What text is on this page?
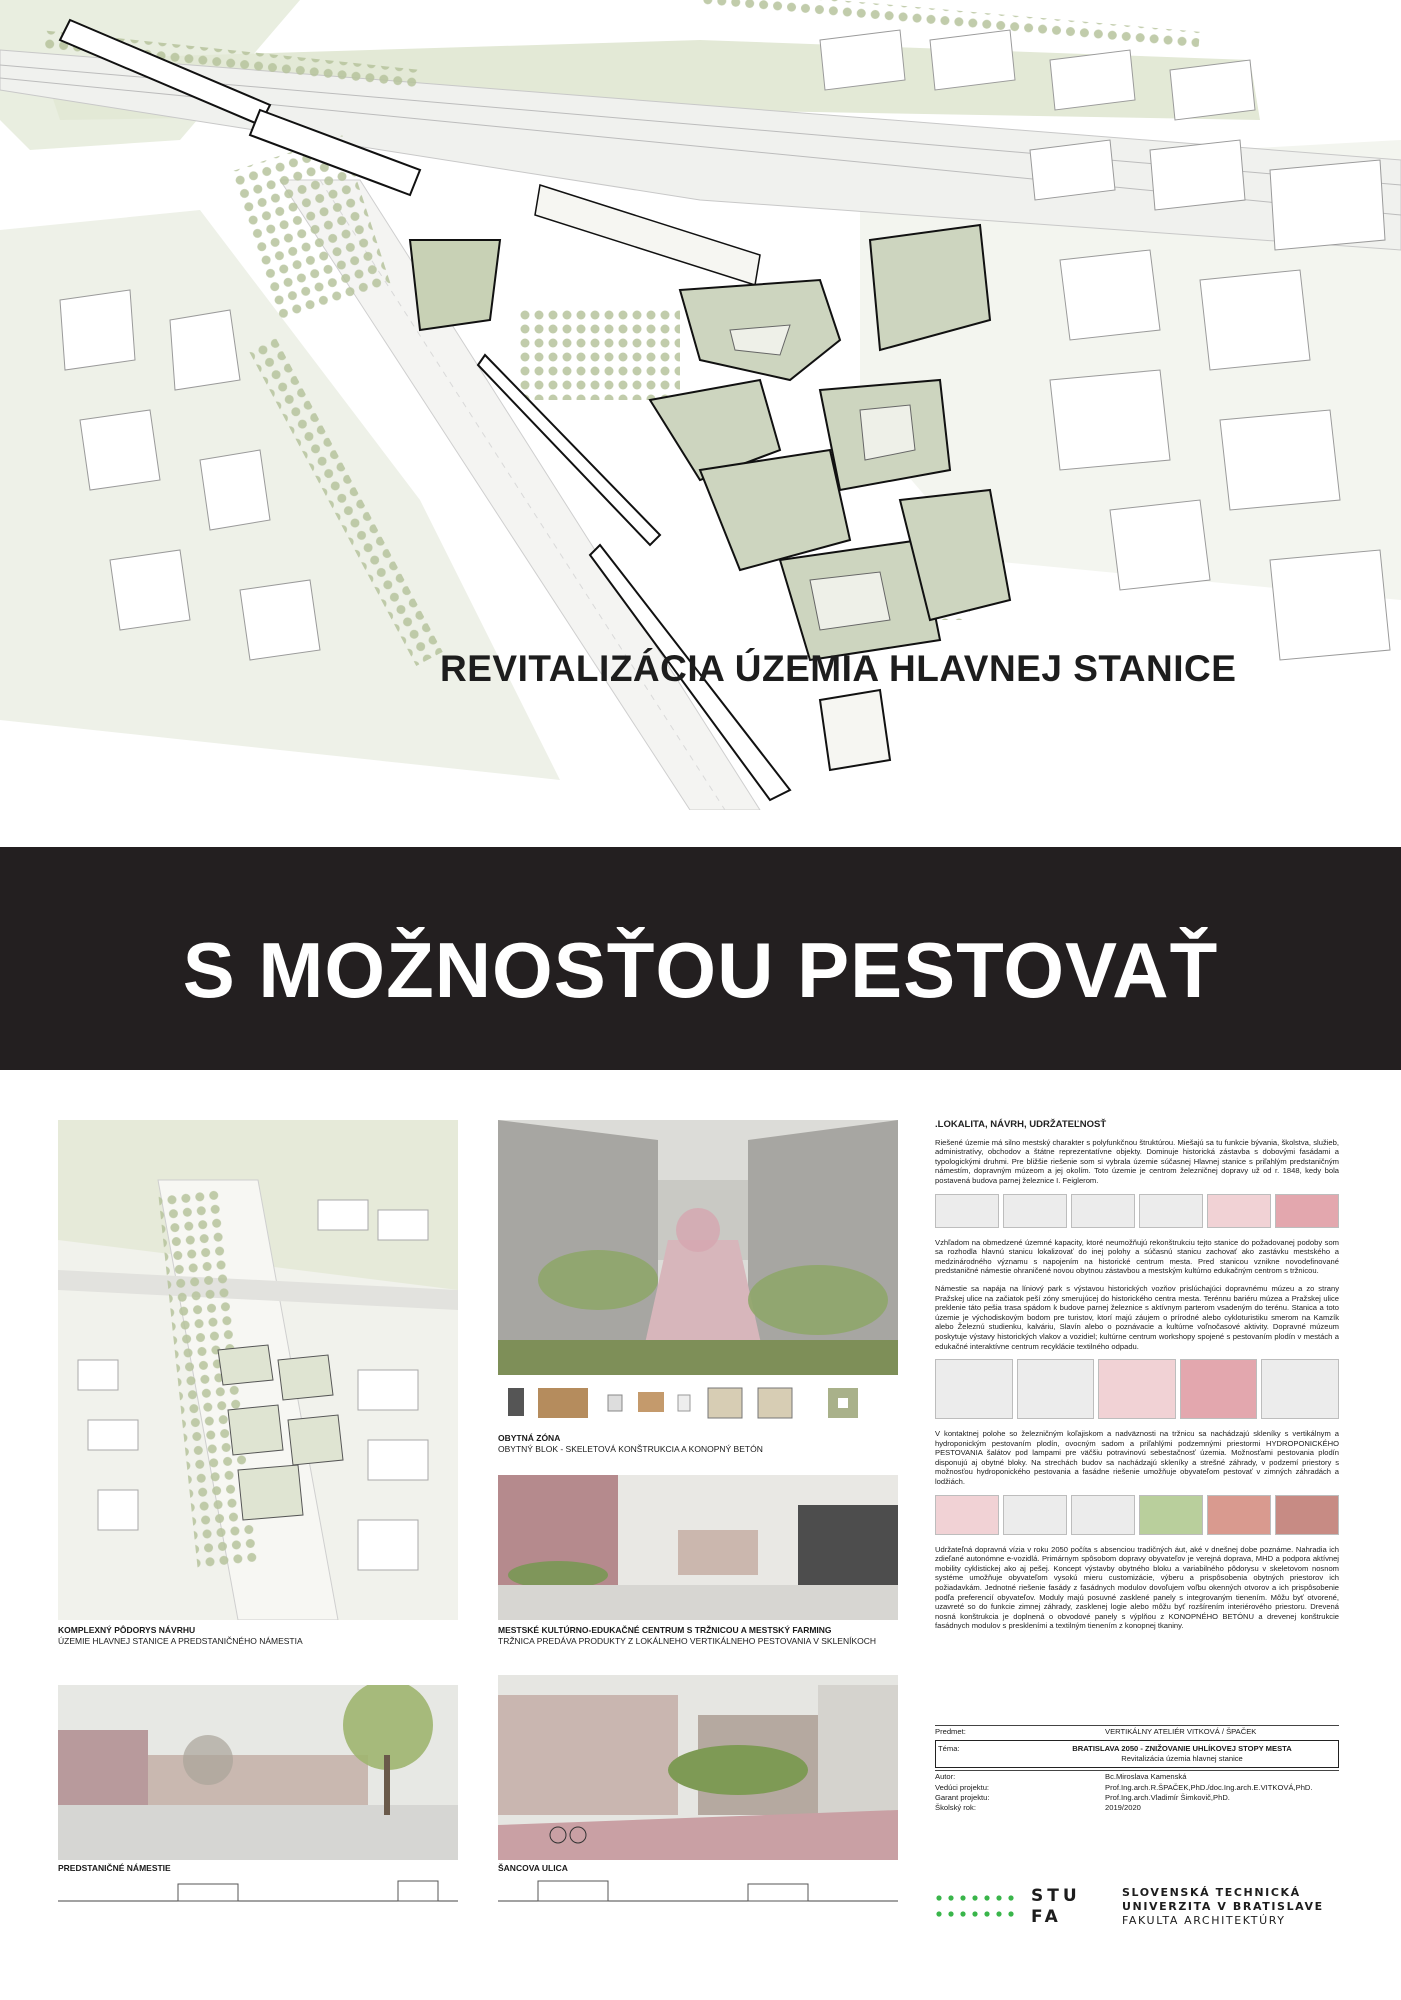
REVITALIZÁCIA ÚZEMIA HLAVNEJ STANICE
S MOŽNOSŤOU PESTOVAŤ
KOMPLEXNÝ PÔDORYS NÁVRHU
ÚZEMIE HLAVNEJ STANICE A PREDSTANIČNÉHO NÁMESTIA
PREDSTANIČNÉ NÁMESTIE
OBYTNÁ ZÓNA
OBYTNÝ BLOK - SKELETOVÁ KONŠTRUKCIA A KONOPNÝ BETÓN
MESTSKÉ KULTÚRNO-EDUKAČNÉ CENTRUM S TRŽNICOU A MESTSKÝ FARMING
TRŽNICA PREDÁVA PRODUKTY Z LOKÁLNEHO VERTIKÁLNEHO PESTOVANIA V SKLENÍKOCH
ŠANCOVA ULICA
.LOKALITA, NÁVRH, UDRŽATEĽNOSŤ

Riešené územie má silno mestský charakter s polyfunkčnou štruktúrou. Miešajú sa tu funkcie bývania, školstva, služieb, administratívy, obchodov a štátne reprezentatívne objekty. Dominuje historická zástavba s dobovými fasádami a typologickými druhmi. Pre bližšie riešenie som si vybrala územie súčasnej Hlavnej stanice s priľahlým predstaničným námestím, dopravným múzeom a jej okolím. Toto územie je centrom železničnej dopravy už od r. 1848, kedy bola postavená budova parnej železnice I. Feiglerom.

Vzhľadom na obmedzené územné kapacity, ktoré neumožňujú rekonštrukciu tejto stanice do požadovanej podoby som sa rozhodla hlavnú stanicu lokalizovať do inej polohy a súčasnú stanicu zachovať ako zastávku mestského a medzinárodného významu s napojením na historické centrum mesta. Pred stanicou vznikne novodefinované predstaničné námestie ohraničené novou obytnou zástavbou a mestským kultúrno edukačným centrom s tržnicou.

Námestie sa napája na líniový park s výstavou historických vozňov prislúchajúci dopravnému múzeu a zo strany Pražskej ulice na začiatok peší zóny smerujúcej do historického centra mesta. Terénnu bariéru múzea a Pražskej ulice preklenie táto pešia trasa spádom k budove parnej železnice s aktívnym parterom vsadeným do terénu. Stanica a toto územie je východiskovým bodom pre turistov, ktorí majú záujem o prírodné alebo cykloturistiku smerom na Kamzík alebo Železnú studienku, kalváriu, Slavín alebo o poznávacie a kultúrne voľnočasové aktivity. Dopravné múzeum poskytuje výstavy historických vlakov a vozidiel; kultúrne centrum workshopy spojené s pestovaním plodín v mestách a edukačné interaktívne centrum recyklácie textilného odpadu.

V kontaktnej polohe so železničným koľajiskom a nadväznosti na tržnicu sa nachádzajú skleníky s vertikálnym a hydroponickým pestovaním plodín, ovocným sadom a priľahlými podzemnými priestormi HYDROPONICKÉHO PESTOVANIA šalátov pod lampami pre väčšiu potravinovú sebestačnosť územia. Možnosťami pestovania plodín disponujú aj obytné bloky. Na strechách budov sa nachádzajú skleníky a strešné záhrady, v podzemí priestory s možnosťou hydroponického pestovania a fasádne riešenie umožňuje obyvateľom pestovať v zimných záhradách a lodžiách.

Udržateľná dopravná vízia v roku 2050 počíta s absenciou tradičných áut, aké v dnešnej dobe poznáme. Nahradia ich zdieľané autonómne e-vozidlá. Primárnym spôsobom dopravy obyvateľov je verejná doprava, MHD a podpora aktívnej mobility cyklistickej ako aj pešej. Koncept výstavby obytného bloku a variabilného pôdorysu v skeletovom nosnom systéme umožňuje obyvateľom vysokú mieru customizácie, výberu a prispôsobenia obytných priestorov ich požiadavkám. Jednotné riešenie fasády z fasádnych modulov dovoľujem voľbu okenných otvorov a ich prispôsobenie podľa preferencií obyvateľov. Moduly majú posuvné zasklené panely s integrovaným tienením. Môžu byť otvorené, uzavreté so do funkcie zimnej záhrady, zasklenej logie alebo môžu byť rozšírením interiérového priestoru. Drevená nosná konštrukcia je doplnená o obvodové panely s výplňou z KONOPNÉHO BETÓNU a drevenej konštrukcie fasádnych modulov s preskleními a textilným tienením z konopnej tkaniny.

Predmet:	VERTIKÁLNY ATELIÉR VITKOVÁ / ŠPAČEK
Téma:	BRATISLAVA 2050 - ZNIŽOVANIE UHLÍKOVEJ STOPY MESTA
Revitalizácia územia hlavnej stanice
Autor:	Bc.Miroslava Kamenská
Vedúci projektu:	Prof.Ing.arch.R.ŠPAČEK,PhD./doc.Ing.arch.E.VITKOVÁ,PhD.
Garant projektu:	Prof.Ing.arch.Vladimír Šimkovič,PhD.
Školský rok:	2019/2020
STU
FA
SLOVENSKÁ TECHNICKÁ
UNIVERZITA V BRATISLAVE
FAKULTA ARCHITEKTÚRY
